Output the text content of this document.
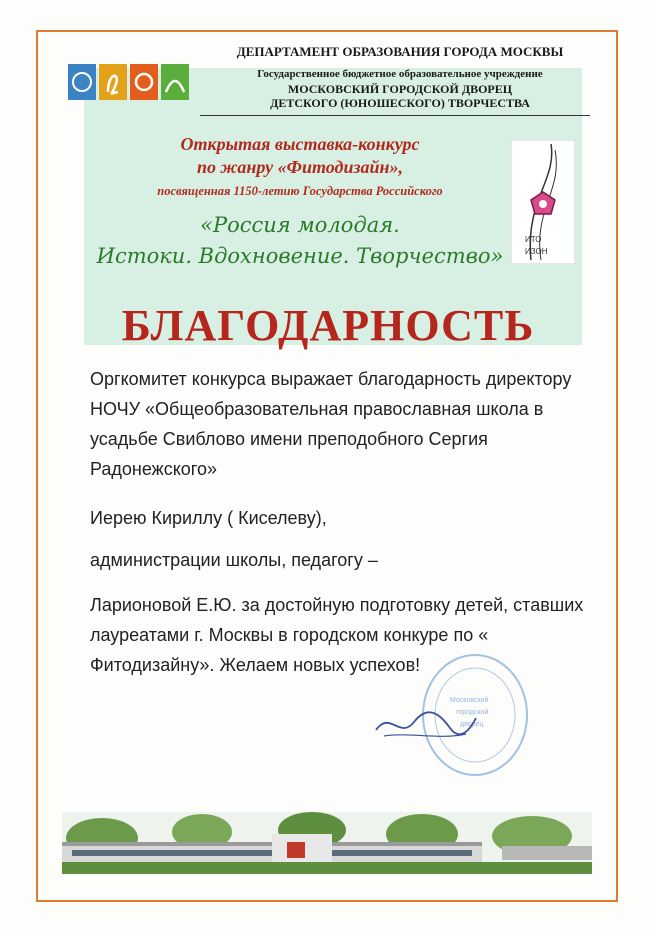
ДЕПАРТАМЕНТ ОБРАЗОВАНИЯ ГОРОДА МОСКВЫ
Государственное бюджетное образовательное учреждение
МОСКОВСКИЙ ГОРОДСКОЙ ДВОРЕЦ
ДЕТСКОГО (ЮНОШЕСКОГО) ТВОРЧЕСТВА
Открытая выставка-конкурс
по жанру «Фитодизайн»,
посвященная 1150-летию Государства Российского
«Россия молодая.
Истоки. Вдохновение. Творчество»
ИТО
ИЗОН
БЛАГОДАРНОСТЬ
Оргкомитет конкурса выражает благодарность директору НОЧУ «Общеобразовательная православная школа в усадьбе Свиблово имени преподобного Сергия Радонежского»
Иерею Кириллу ( Киселеву),
администрации школы, педагогу –
Ларионовой Е.Ю. за достойную подготовку детей, ставших лауреатами г. Москвы в городском конкуре по « Фитодизайну». Желаем новых успехов!
Московский
городской
дворец
